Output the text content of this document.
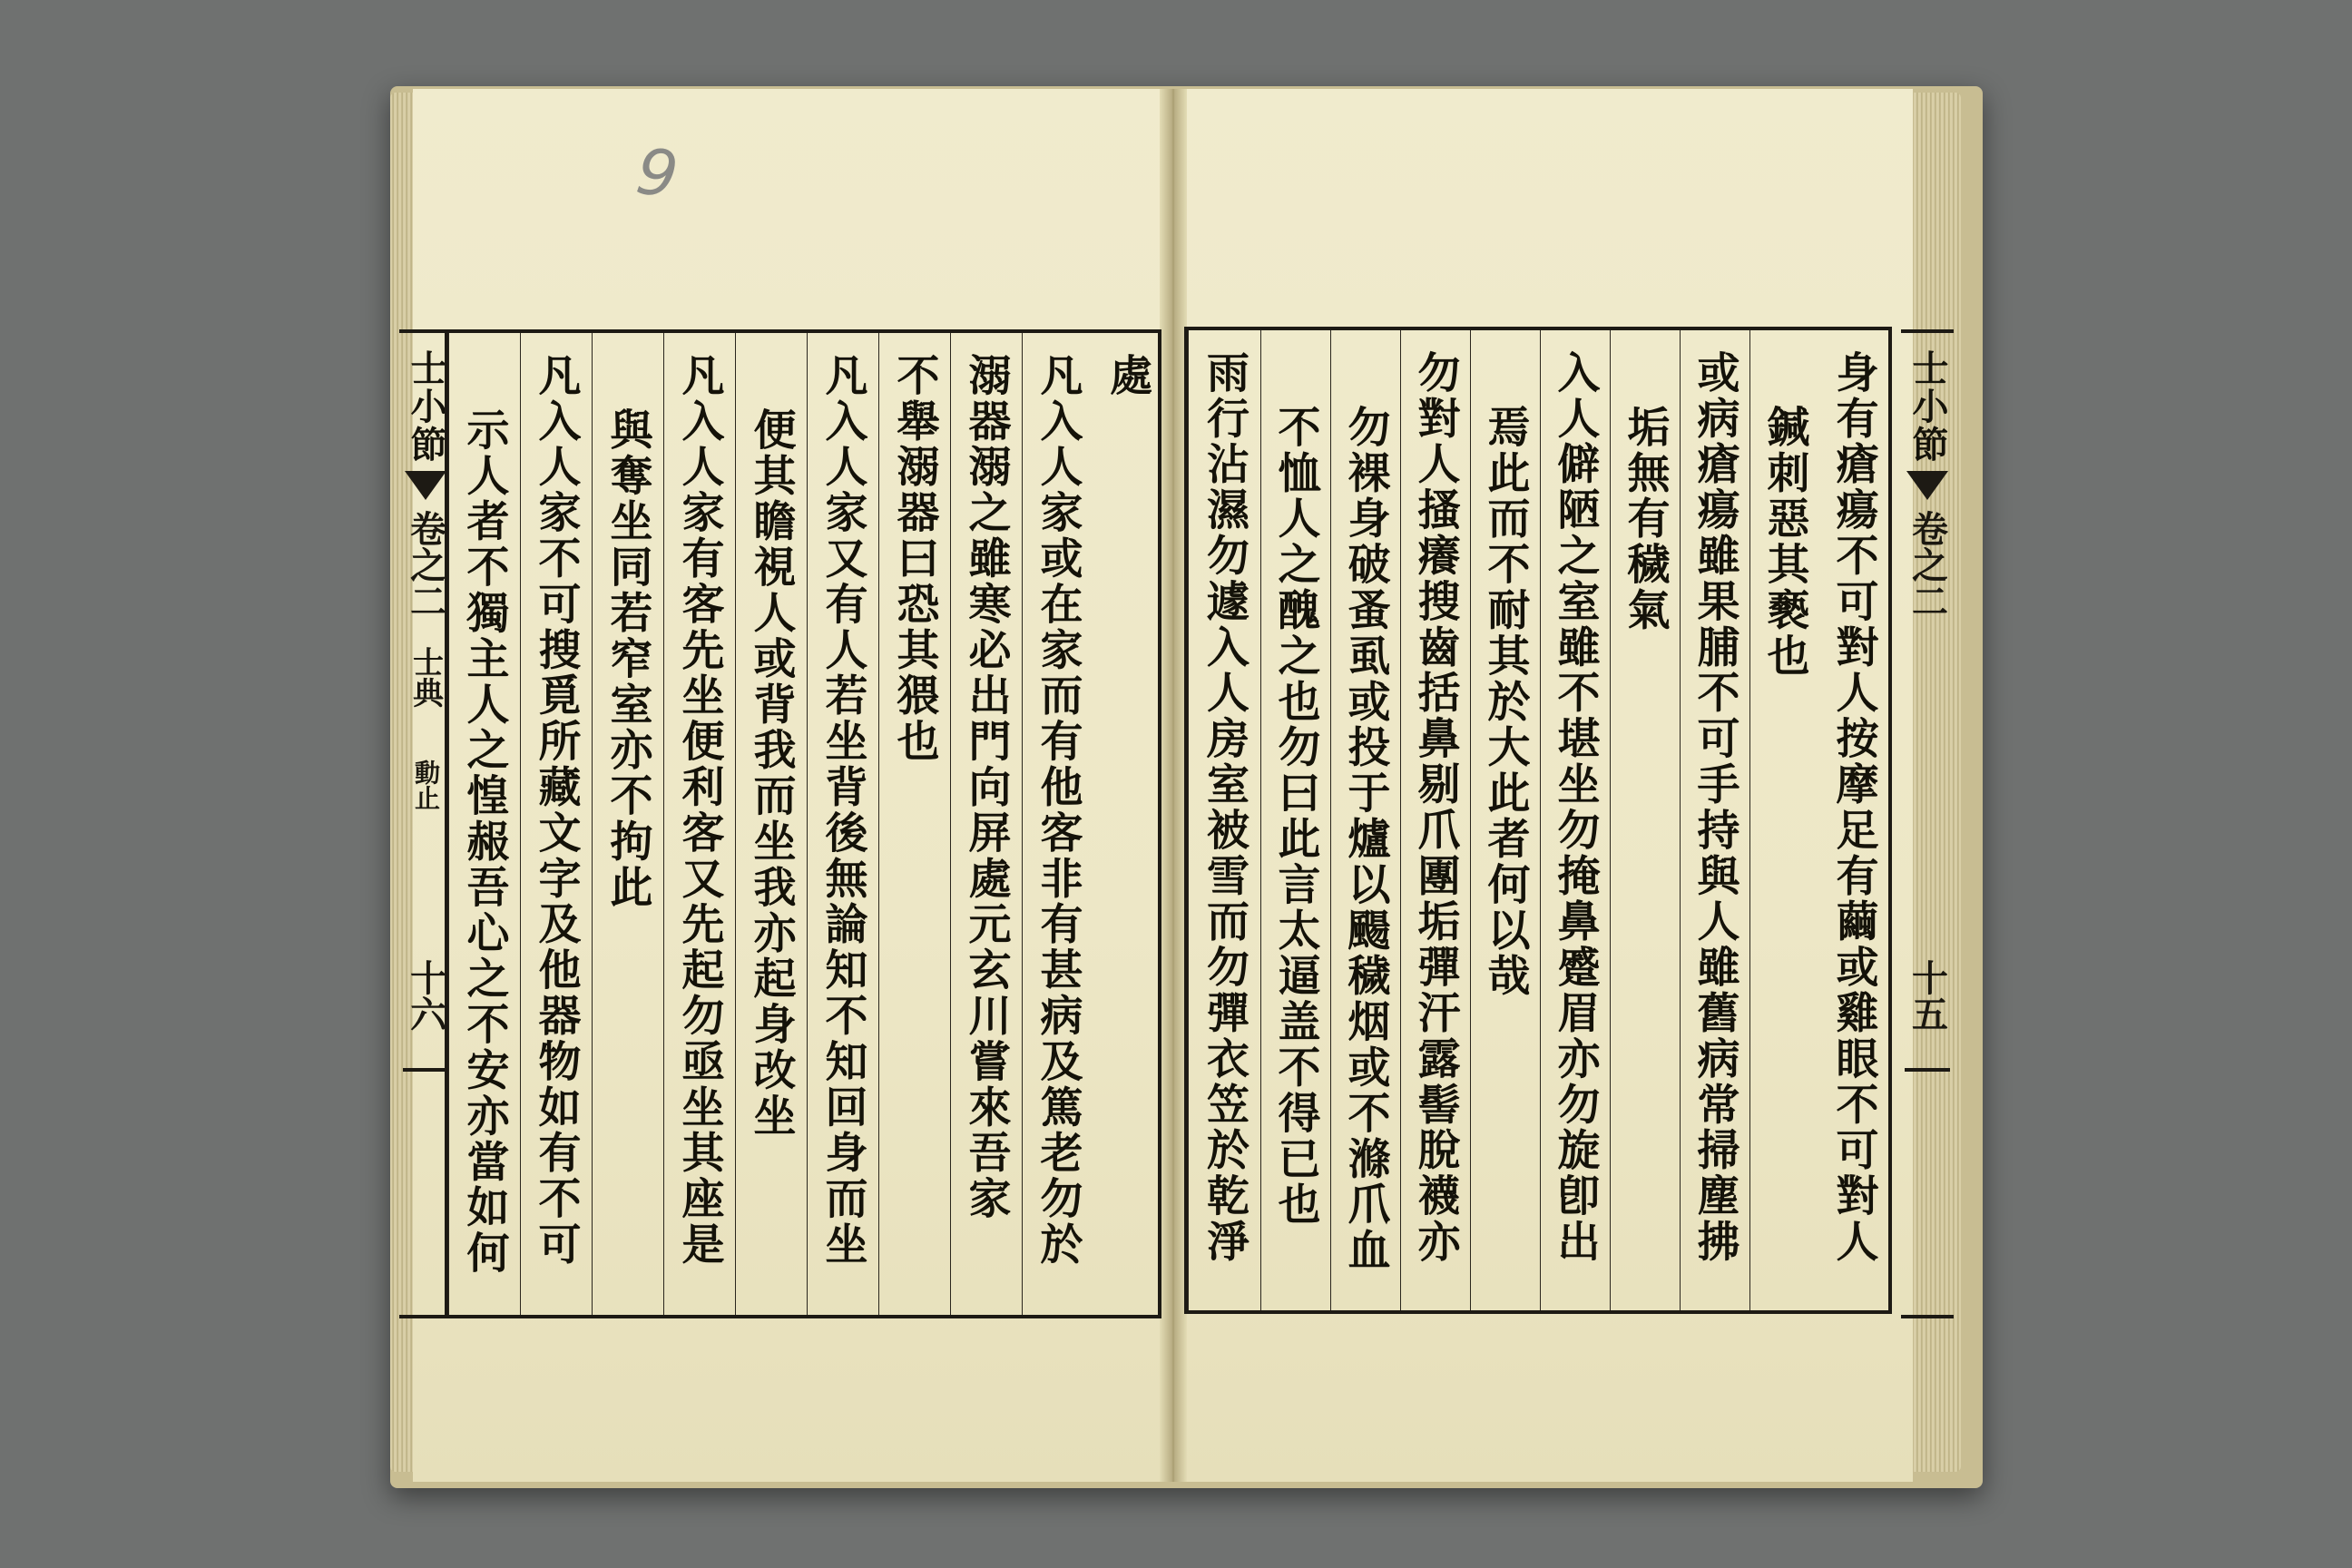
9
士小節
卷之二
士典
動止
十六
處
凡入人家或在家而有他客非有甚病及篤老勿於
溺器溺之雖寒必出門向屏處元玄川嘗來吾家
不舉溺器曰恐其猥也
凡入人家又有人若坐背後無論知不知回身而坐
便其瞻視人或背我而坐我亦起身改坐
凡入人家有客先坐便利客又先起勿亟坐其座是
與奪坐同若窄室亦不拘此
凡入人家不可搜覓所藏文字及他器物如有不可
示人者不獨主人之惶赧吾心之不安亦當如何	身有瘡瘍不可對人按摩足有繭或雞眼不可對人
鍼刺惡其褻也
或病瘡瘍雖果脯不可手持與人雖舊病常掃塵拂
垢無有穢氣
入人僻陋之室雖不堪坐勿掩鼻蹙眉亦勿旋卽出
焉此而不耐其於大此者何以哉
勿對人搔癢搜齒括鼻剔爪團垢彈汗露髻脫襪亦
勿裸身破蚤虱或投于爐以颺穢烟或不滌爪血
不恤人之醜之也勿曰此言太逼盖不得已也
雨行沾濕勿遽入人房室被雪而勿彈衣笠於乾淨	士小節
卷之二
十五
